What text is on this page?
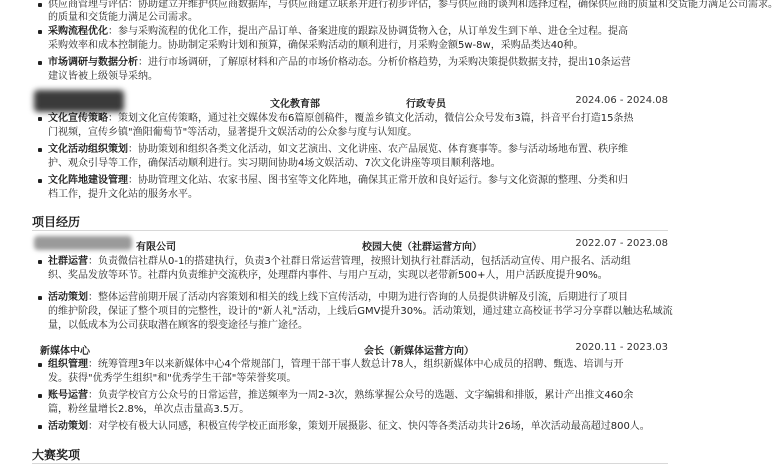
供应商管理与评估：协助建立并维护供应商数据库，与供应商建立联系并进行初步评估，参与供应商的谈判和选择过程，确保供应商的质量和交货能力满足公司需求。
的质量和交货能力满足公司需求。
采购流程优化：参与采购流程的优化工作，提出产品订单、备案进度的跟踪及协调货物入仓，从订单发生到下单、进仓全过程。提高
采购效率和成本控制能力。协助制定采购计划和预算，确保采购活动的顺利进行，月采购金额5w-8w，采购品类达40种。
市场调研与数据分析：进行市场调研，了解原材料和产品的市场价格动态。分析价格趋势，为采购决策提供数据支持，提出10条运营
建议皆被上级领导采纳。
文化教育部	行政专员	2024.06 - 2024.08
文化宣传策略：策划文化宣传策略，通过社交媒体发布6篇原创稿件，覆盖乡镇文化活动，微信公众号发布3篇，抖音平台打造15条热
门视频，宣传乡镇"渔阳葡萄节"等活动，显著提升文娱活动的公众参与度与认知度。
文化活动组织策划：协助策划和组织各类文化活动，如文艺演出、文化讲座、农产品展览、体育赛事等。参与活动场地布置、秩序维
护、观众引导等工作，确保活动顺利进行。实习期间协助4场文娱活动、7次文化讲座等项目顺利落地。
文化阵地建设管理：协助管理文化站、农家书屋、图书室等文化阵地，确保其正常开放和良好运行。参与文化资源的整理、分类和归
档工作，提升文化站的服务水平。
项目经历
有限公司	校园大使（社群运营方向）	2022.07 - 2023.08
社群运营：负责微信社群从0-1的搭建执行，负责3个社群日常运营管理，按照计划执行社群活动，包括活动宣传、用户报名、活动组
织、奖品发放等环节。社群内负责维护交流秩序，处理群内事件、与用户互动，实现以老带新500+人，用户活跃度提升90%。
活动策划：整体运营前期开展了活动内容策划和相关的线上线下宣传活动，中期为进行咨询的人员提供讲解及引流，后期进行了项目
的维护阶段，保证了整个项目的完整性，设计的"新人礼"活动，上线后GMV提升30%。活动策划，通过建立高校证书学习分享群以触达私域流
量，以低成本为公司获取潜在顾客的裂变途径与推广途径。
新媒体中心	会长（新媒体运营方向）	2020.11 - 2023.03
组织管理：统筹管理3年以来新媒体中心4个常规部门，管理干部干事人数总计78人，组织新媒体中心成员的招聘、甄选、培训与开
发。获得"优秀学生组织"和"优秀学生干部"等荣誉奖项。
账号运营：负责学校官方公众号的日常运营，推送频率为一周2-3次，熟练掌握公众号的选题、文字编辑和排版，累计产出推文460余
篇，粉丝量增长2.8%，单次点击量高3.5万。
活动策划：对学校有极大认同感，积极宣传学校正面形象，策划开展摄影、征文、快闪等各类活动共计26场，单次活动最高超过800人。
大赛奖项
